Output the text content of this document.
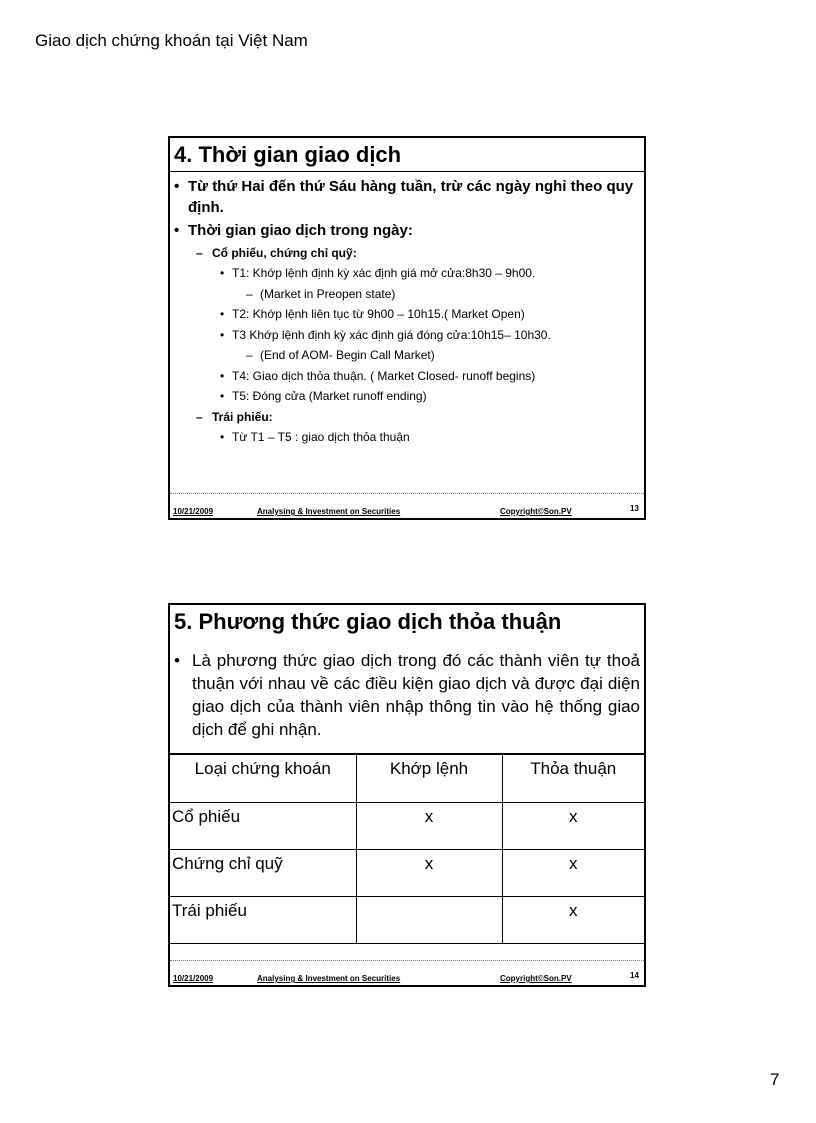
Giao dịch chứng khoán tại Việt Nam
4. Thời gian giao dịch
• Từ thứ Hai đến thứ Sáu hàng tuần, trừ các ngày nghỉ theo quy định.
• Thời gian giao dịch trong ngày:
– Cổ phiếu, chứng chỉ quỹ:
• T1: Khớp lệnh định kỳ xác định giá mở cửa:8h30 – 9h00.
– (Market in Preopen state)
• T2: Khớp lệnh liên tục từ 9h00 – 10h15.( Market Open)
• T3 Khớp lệnh định kỳ xác định giá đóng cửa:10h15– 10h30.
– (End of AOM- Begin Call Market)
• T4: Giao dịch thỏa thuận. ( Market Closed- runoff begins)
• T5: Đóng cửa (Market runoff ending)
– Trái phiếu:
• Từ T1 – T5 : giao dịch thỏa thuận
10/21/2009	Analysing & Investment on Securities	Copyright©Son.PV	13
5. Phương thức giao dịch thỏa thuận
• Là phương thức giao dịch trong đó các thành viên tự thoả thuận với nhau về các điều kiện giao dịch và được đại diện giao dịch của thành viên nhập thông tin vào hệ thống giao dịch để ghi nhận.
Loại chứng khoán	Khớp lệnh	Thỏa thuận
Cổ phiếu	x	x
Chứng chỉ quỹ	x	x
Trái phiếu		x
10/21/2009	Analysing & Investment on Securities	Copyright©Son.PV	14
7
